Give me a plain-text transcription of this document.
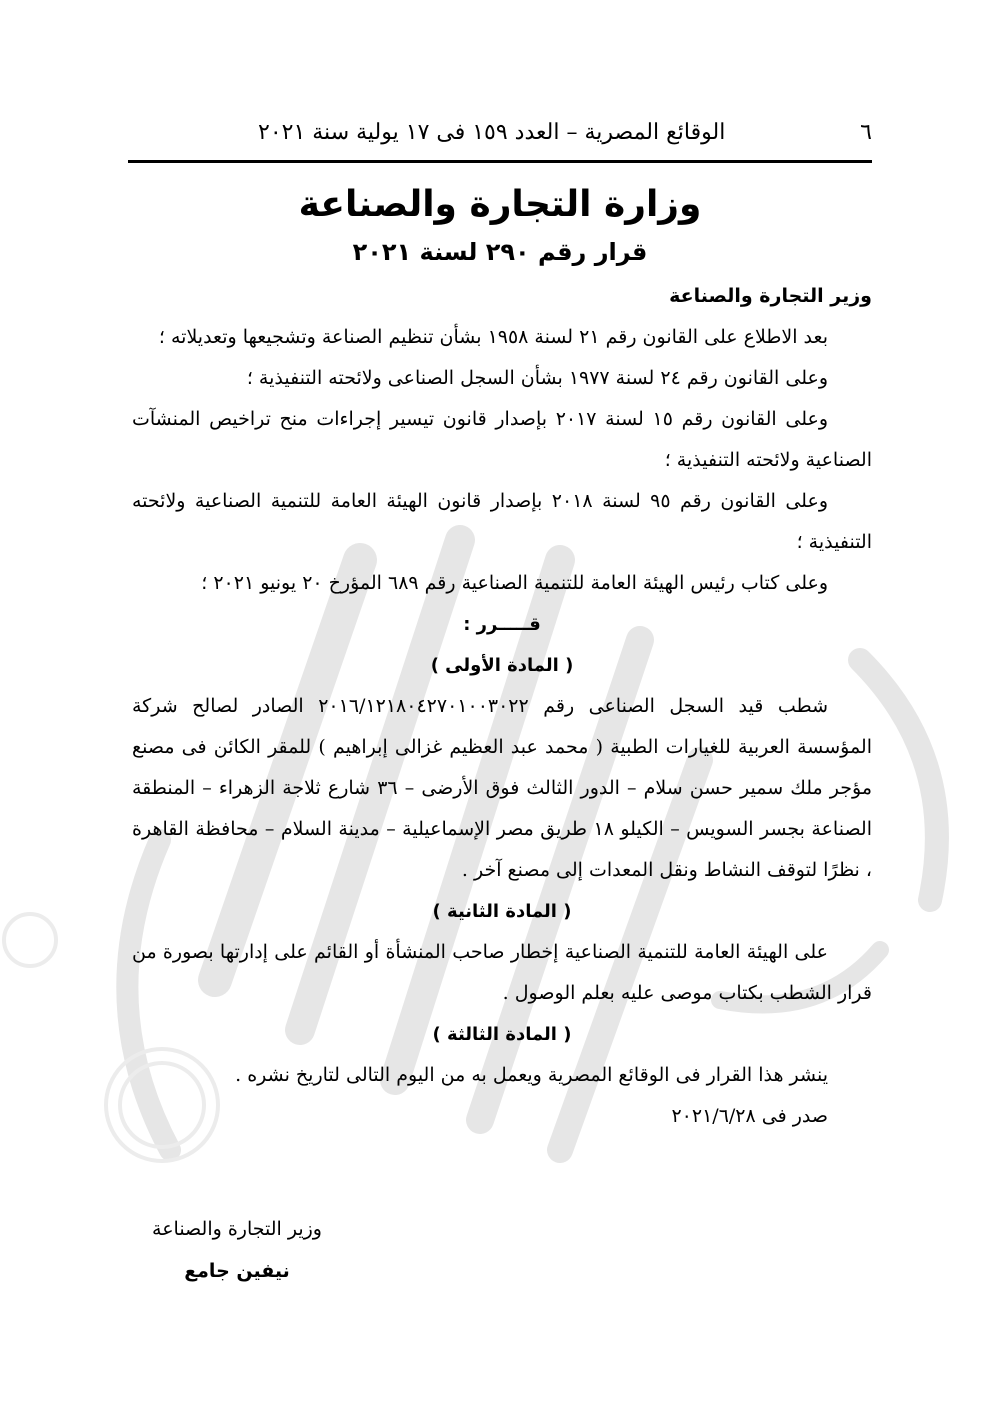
٦
الوقائع المصرية – العدد ١٥٩ فى ١٧ يولية سنة ٢٠٢١
وزارة التجارة والصناعة
قرار رقم ٢٩٠ لسنة ٢٠٢١

وزير التجارة والصناعة

بعد الاطلاع على القانون رقم ٢١ لسنة ١٩٥٨ بشأن تنظيم الصناعة وتشجيعها وتعديلاته ؛

وعلى القانون رقم ٢٤ لسنة ١٩٧٧ بشأن السجل الصناعى ولائحته التنفيذية ؛

وعلى القانون رقم ١٥ لسنة ٢٠١٧ بإصدار قانون تيسير إجراءات منح تراخيص المنشآت الصناعية ولائحته التنفيذية ؛

وعلى القانون رقم ٩٥ لسنة ٢٠١٨ بإصدار قانون الهيئة العامة للتنمية الصناعية ولائحته التنفيذية ؛

وعلى كتاب رئيس الهيئة العامة للتنمية الصناعية رقم ٦٨٩ المؤرخ ٢٠ يونيو ٢٠٢١ ؛

قـــــرر :

( المادة الأولى )

شطب قيد السجل الصناعى رقم ٢٠١٦/١٢١٨٠٤٢٧٠١٠٠٣٠٢٢ الصادر لصالح شركة المؤسسة العربية للغيارات الطبية ( محمد عبد العظيم غزالى إبراهيم ) للمقر الكائن فى مصنع مؤجر ملك سمير حسن سلام – الدور الثالث فوق الأرضى – ٣٦ شارع ثلاجة الزهراء – المنطقة الصناعة بجسر السويس – الكيلو ١٨ طريق مصر الإسماعيلية – مدينة السلام – محافظة القاهرة ، نظرًا لتوقف النشاط ونقل المعدات إلى مصنع آخر .

( المادة الثانية )

على الهيئة العامة للتنمية الصناعية إخطار صاحب المنشأة أو القائم على إدارتها بصورة من قرار الشطب بكتاب موصى عليه بعلم الوصول .

( المادة الثالثة )

ينشر هذا القرار فى الوقائع المصرية ويعمل به من اليوم التالى لتاريخ نشره .

صدر فى ٢٠٢١/٦/٢٨

وزير التجارة والصناعة
نيفين جامع
